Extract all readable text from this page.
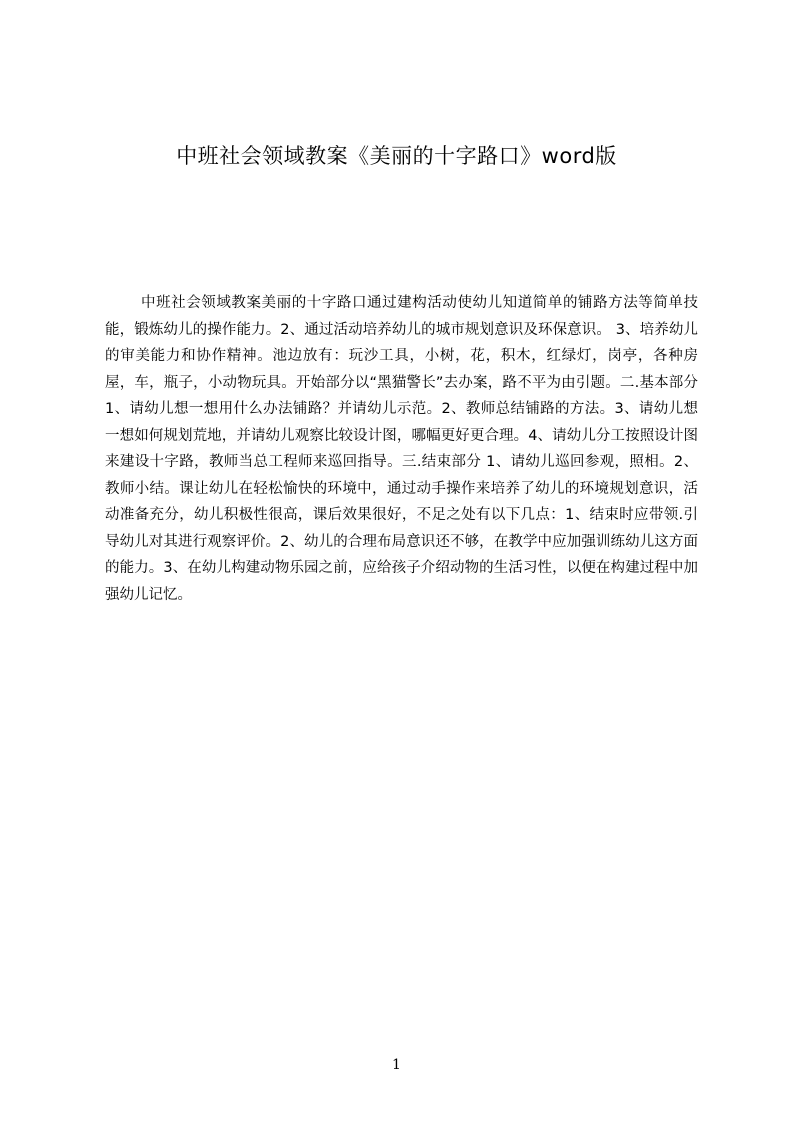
中班社会领域教案《美丽的十字路口》word版

中班社会领域教案美丽的十字路口通过建构活动使幼儿知道简单的铺路方法等简单技能，锻炼幼儿的操作能力。2、通过活动培养幼儿的城市规划意识及环保意识。 3、培养幼儿的审美能力和协作精神。池边放有：玩沙工具，小树，花，积木，红绿灯，岗亭，各种房屋，车，瓶子，小动物玩具。开始部分以“黑猫警长”去办案，路不平为由引题。二.基本部分 1、请幼儿想一想用什么办法铺路？并请幼儿示范。2、教师总结铺路的方法。3、请幼儿想一想如何规划荒地，并请幼儿观察比较设计图，哪幅更好更合理。4、请幼儿分工按照设计图来建设十字路，教师当总工程师来巡回指导。三.结束部分 1、请幼儿巡回参观，照相。2、教师小结。课让幼儿在轻松愉快的环境中，通过动手操作来培养了幼儿的环境规划意识，活动准备充分，幼儿积极性很高，课后效果很好，不足之处有以下几点：1、结束时应带领.引导幼儿对其进行观察评价。2、幼儿的合理布局意识还不够，在教学中应加强训练幼儿这方面的能力。3、在幼儿构建动物乐园之前，应给孩子介绍动物的生活习性，以便在构建过程中加强幼儿记忆。

1
